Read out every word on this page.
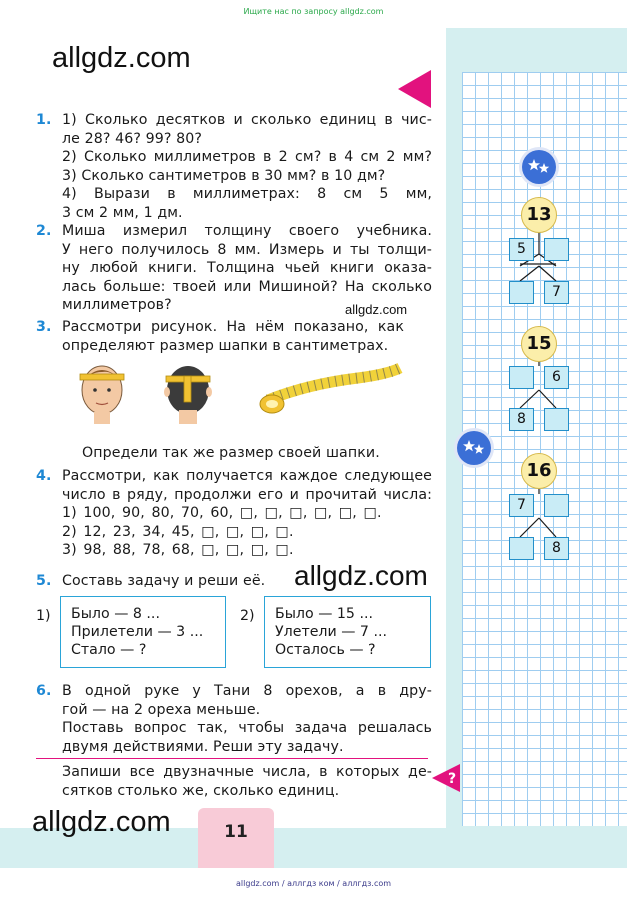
Ищите нас по запросу allgdz.com
1. 1) Сколько десятков и сколько единиц в чис-
ле 28? 46? 99? 80?
2) Сколько миллиметров в 2 см? в 4 см 2 мм?
3) Сколько сантиметров в 30 мм? в 10 дм?
4) Вырази в миллиметрах: 8 см 5 мм,
3 см 2 мм, 1 дм.
2. Миша измерил толщину своего учебника.
У него получилось 8 мм. Измерь и ты толщи-
ну любой книги. Толщина чьей книги оказа-
лась больше: твоей или Мишиной? На сколько
миллиметров?	allgdz.com
3. Рассмотри рисунок. На нём показано, как
определяют размер шапки в сантиметрах.
Определи так же размер своей шапки.
4. Рассмотри, как получается каждое следующее
число в ряду, продолжи его и прочитай числа:
1) 100, 90, 80, 70, 60, □, □, □, □, □, □.
2) 12, 23, 34, 45, □, □, □, □.
3) 98, 88, 78, 68, □, □, □, □.
5. Составь задачу и реши её.	allgdz.com
1) Было — 8 ...
Прилетели — 3 ...
Стало — ?
2) Было — 15 ...
Улетели — 7 ...
Осталось — ?
6. В одной руке у Тани 8 орехов, а в дру-
гой — на 2 ореха меньше.
Поставь вопрос так, чтобы задача решалась
двумя действиями. Реши эту задачу.
Запиши все двузначные числа, в которых де-
сятков столько же, сколько единиц.
?
allgdz.com
allgdz.com	11
allgdz.com / аллгдз ком / аллгдз.com
13
5
7
15
6
8
16
7
8
